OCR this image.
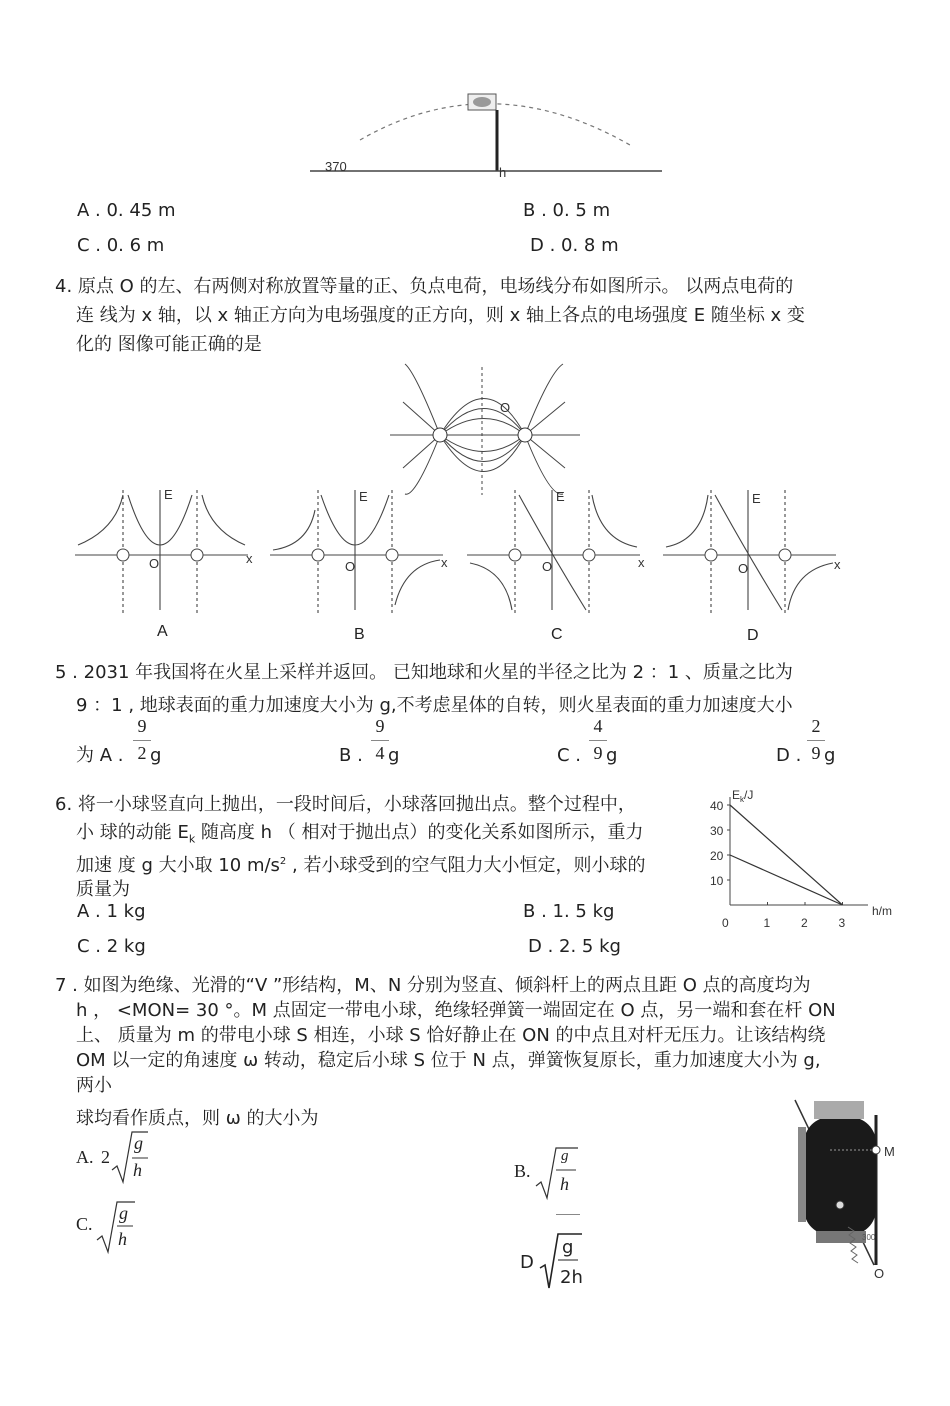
370	h
A . 0. 45 m	B . 0. 5 m
C . 0. 6 m	D . 0. 8 m
4. 原点 O 的左、右两侧对称放置等量的正、负点电荷，电场线分布如图所示。 以两点电荷的
连 线为 x 轴，以 x 轴正方向为电场强度的正方向，则 x 轴上各点的电场强度 E 随坐标 x 变
化的 图像可能正确的是
O
E
x
O
E
x
O
E
x
O
E
x
O
A	B	C	D
5 . 2031 年我国将在火星上采样并返回。 已知地球和火星的半径之比为 2 ：1 、质量之比为
9 ：1 , 地球表面的重力加速度大小为 g,不考虑星体的自转，则火星表面的重力加速度大小
为 A .
9
2 g	B .
9
4 g	C .
4
9 g	D .
2
9 g
6. 将一小球竖直向上抛出，一段时间后，小球落回抛出点。整个过程中，
小 球的动能 $E_k$ 随高度 h （ 相对于抛出点）的变化关系如图所示，重力
加速 度 g 大小取 10 $m/s^2$ , 若小球受到的空气阻力大小恒定，则小球的
质量为
A . 1 kg	B . 1. 5 kg
C . 2 kg	D . 2. 5 kg
$E_k/J$
h/m
40
30
20
10
0	1	2	3
7 . 如图为绝缘、光滑的“V ”形结构，M、N 分别为竖直、倾斜杆上的两点且距 O 点的高度均为
h ， <MON= 30 °。M 点固定一带电小球，绝缘轻弹簧一端固定在 O 点，另一端和套在杆 ON
上、 质量为 m 的带电小球 S 相连，小球 S 恰好静止在 ON 的中点且对杆无压力。让该结构绕
OM 以一定的角速度 ω 转动，稳定后小球 S 位于 N 点，弹簧恢复原长，重力加速度大小为 g,
两小
球均看作质点，则 ω 的大小为
A. 2
g
h	B.
g
h
C.
g
h
D
g
2h
M
O
300
